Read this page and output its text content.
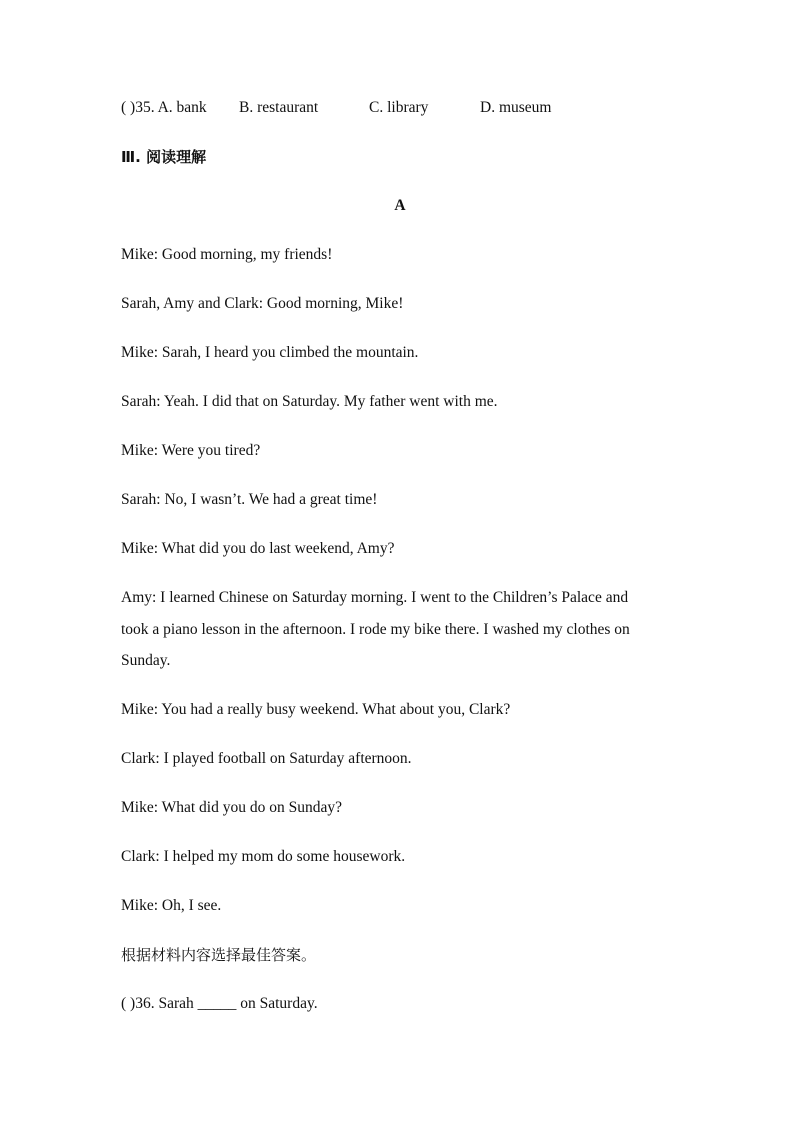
( )35. A. bank B. restaurant	C. library	D. museum
Ⅲ. 阅读理解
A
Mike: Good morning, my friends!
Sarah, Amy and Clark: Good morning, Mike!
Mike: Sarah, I heard you climbed the mountain.
Sarah: Yeah. I did that on Saturday. My father went with me.
Mike: Were you tired?
Sarah: No, I wasn’t. We had a great time!
Mike: What did you do last weekend, Amy?
Amy: I learned Chinese on Saturday morning. I went to the Children’s Palace and
took a piano lesson in the afternoon. I rode my bike there. I washed my clothes on
Sunday.
Mike: You had a really busy weekend. What about you, Clark?
Clark: I played football on Saturday afternoon.
Mike: What did you do on Sunday?
Clark: I helped my mom do some housework.
Mike: Oh, I see.
根据材料内容选择最佳答案。
( )36. Sarah _____ on Saturday.
